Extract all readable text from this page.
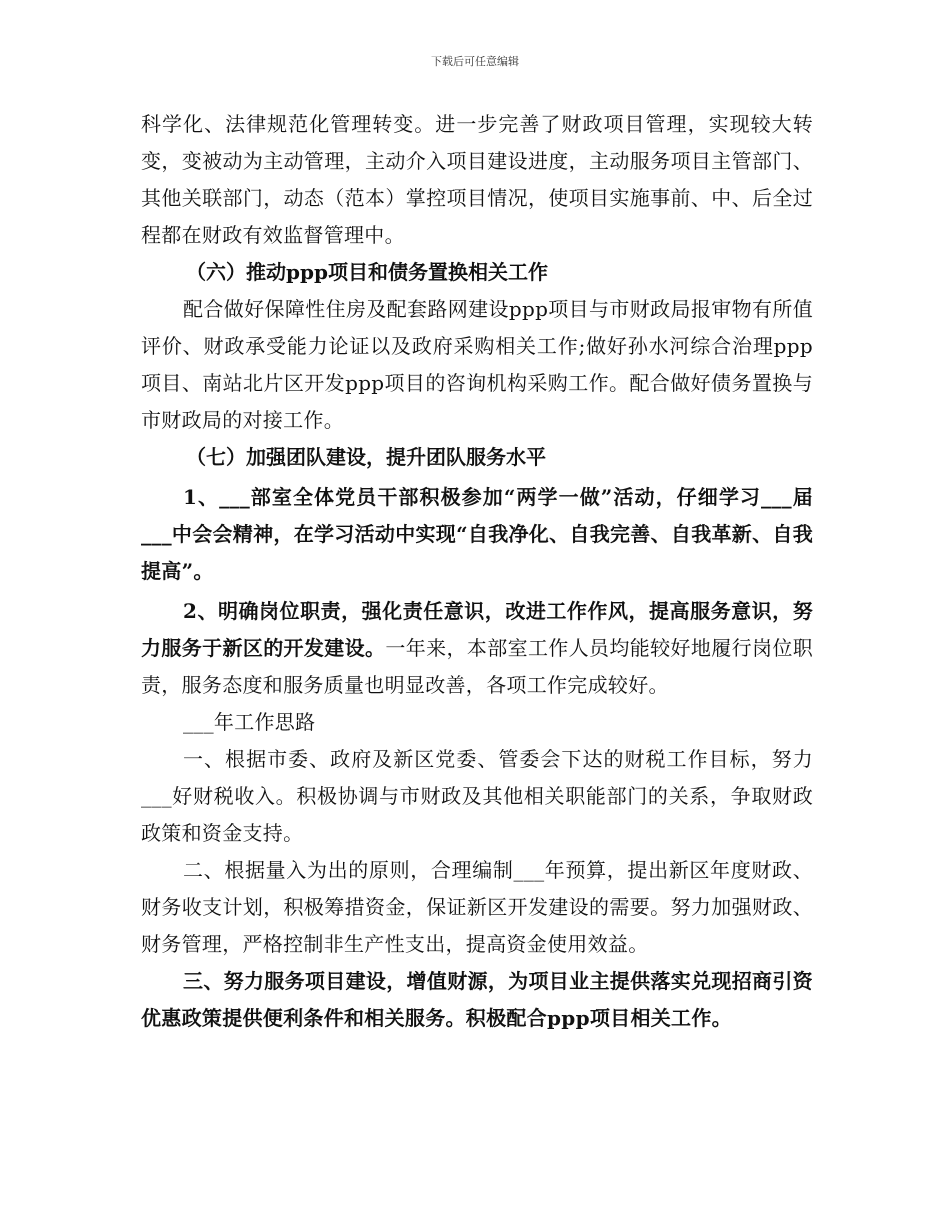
下载后可任意编辑

科学化、法律规范化管理转变。进一步完善了财政项目管理，实现较大转变，变被动为主动管理，主动介入项目建设进度，主动服务项目主管部门、其他关联部门，动态（范本）掌控项目情况，使项目实施事前、中、后全过程都在财政有效监督管理中。

（六）推动ppp项目和债务置换相关工作

配合做好保障性住房及配套路网建设ppp项目与市财政局报审物有所值评价、财政承受能力论证以及政府采购相关工作;做好孙水河综合治理ppp项目、南站北片区开发ppp项目的咨询机构采购工作。配合做好债务置换与市财政局的对接工作。

（七）加强团队建设，提升团队服务水平

1、___部室全体党员干部积极参加“两学一做”活动，仔细学习___届___中会会精神，在学习活动中实现“自我净化、自我完善、自我革新、自我提高”。

2、明确岗位职责，强化责任意识，改进工作作风，提高服务意识，努力服务于新区的开发建设。一年来，本部室工作人员均能较好地履行岗位职责，服务态度和服务质量也明显改善，各项工作完成较好。

___年工作思路

一、根据市委、政府及新区党委、管委会下达的财税工作目标，努力___好财税收入。积极协调与市财政及其他相关职能部门的关系，争取财政政策和资金支持。

二、根据量入为出的原则，合理编制___年预算，提出新区年度财政、财务收支计划，积极筹措资金，保证新区开发建设的需要。努力加强财政、财务管理，严格控制非生产性支出，提高资金使用效益。

三、努力服务项目建设，增值财源，为项目业主提供落实兑现招商引资优惠政策提供便利条件和相关服务。积极配合ppp项目相关工作。
